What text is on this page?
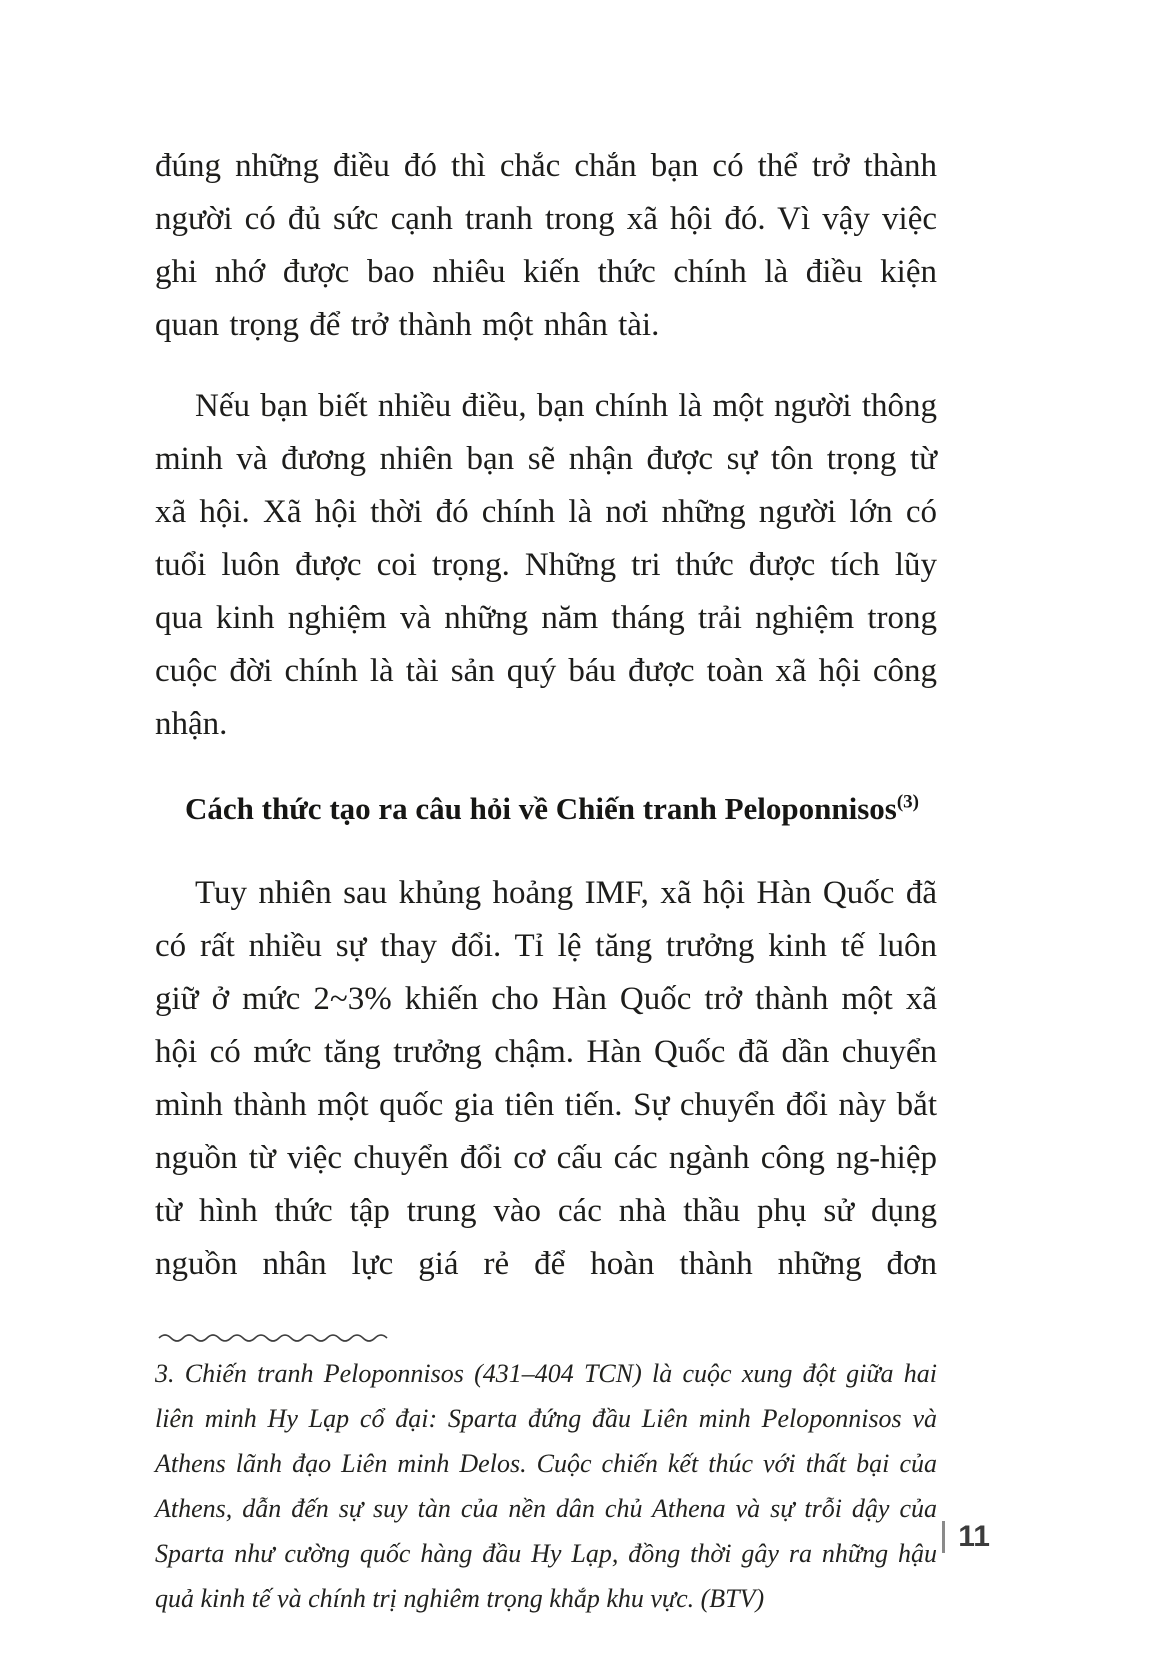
đúng những điều đó thì chắc chắn bạn có thể trở thành người có đủ sức cạnh tranh trong xã hội đó. Vì vậy việc ghi nhớ được bao nhiêu kiến thức chính là điều kiện quan trọng để trở thành một nhân tài.

Nếu bạn biết nhiều điều, bạn chính là một người thông minh và đương nhiên bạn sẽ nhận được sự tôn trọng từ xã hội. Xã hội thời đó chính là nơi những người lớn có tuổi luôn được coi trọng. Những tri thức được tích lũy qua kinh nghiệm và những năm tháng trải nghiệm trong cuộc đời chính là tài sản quý báu được toàn xã hội công nhận.

Cách thức tạo ra câu hỏi về Chiến tranh Peloponnisos$^{(3)}$

Tuy nhiên sau khủng hoảng IMF, xã hội Hàn Quốc đã có rất nhiều sự thay đổi. Tỉ lệ tăng trưởng kinh tế luôn giữ ở mức 2~3% khiến cho Hàn Quốc trở thành một xã hội có mức tăng trưởng chậm. Hàn Quốc đã dần chuyển mình thành một quốc gia tiên tiến. Sự chuyển đổi này bắt nguồn từ việc chuyển đổi cơ cấu các ngành công ng-hiệp từ hình thức tập trung vào các nhà thầu phụ sử dụng nguồn nhân lực giá rẻ để hoàn thành những đơn

3. Chiến tranh Peloponnisos (431–404 TCN) là cuộc xung đột giữa hai liên minh Hy Lạp cổ đại: Sparta đứng đầu Liên minh Peloponnisos và Athens lãnh đạo Liên minh Delos. Cuộc chiến kết thúc với thất bại của Athens, dẫn đến sự suy tàn của nền dân chủ Athena và sự trỗi dậy của Sparta như cường quốc hàng đầu Hy Lạp, đồng thời gây ra những hậu quả kinh tế và chính trị nghiêm trọng khắp khu vực. (BTV)

11
